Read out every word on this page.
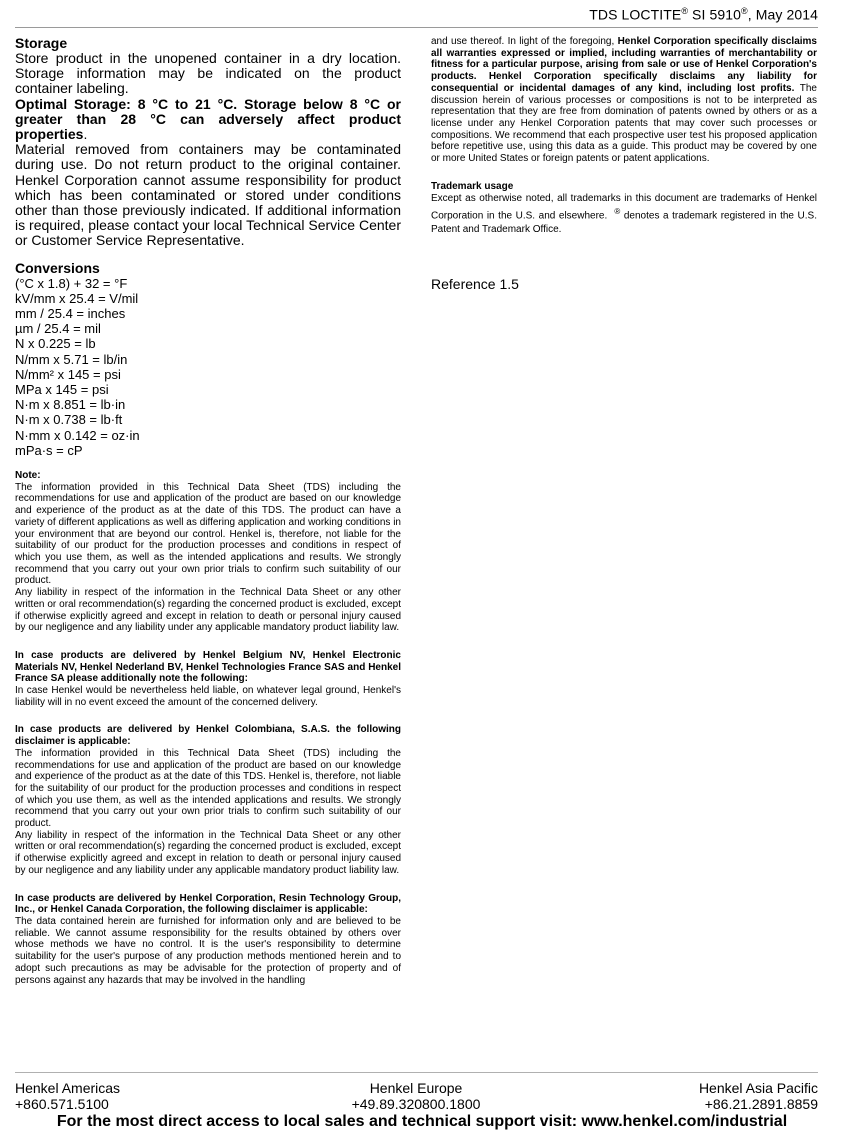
TDS LOCTITE® SI 5910®, May 2014

Storage

Store product in the unopened container in a dry location. Storage information may be indicated on the product container labeling.

Optimal Storage: 8 °C to 21 °C. Storage below 8 °C or greater than 28 °C can adversely affect product properties.

Material removed from containers may be contaminated during use. Do not return product to the original container. Henkel Corporation cannot assume responsibility for product which has been contaminated or stored under conditions other than those previously indicated. If additional information is required, please contact your local Technical Service Center or Customer Service Representative.

Conversions

(°C x 1.8) + 32 = °F

kV/mm x 25.4 = V/mil

mm / 25.4 = inches

µm / 25.4 = mil

N x 0.225 = lb

N/mm x 5.71 = lb/in

N/mm² x 145 = psi

MPa x 145 = psi

N·m x 8.851 = lb·in

N·m x 0.738 = lb·ft

N·mm x 0.142 = oz·in

mPa·s = cP

Note:

The information provided in this Technical Data Sheet (TDS) including the recommendations for use and application of the product are based on our knowledge and experience of the product as at the date of this TDS. The product can have a variety of different applications as well as differing application and working conditions in your environment that are beyond our control. Henkel is, therefore, not liable for the suitability of our product for the production processes and conditions in respect of which you use them, as well as the intended applications and results. We strongly recommend that you carry out your own prior trials to confirm such suitability of our product.

Any liability in respect of the information in the Technical Data Sheet or any other written or oral recommendation(s) regarding the concerned product is excluded, except if otherwise explicitly agreed and except in relation to death or personal injury caused by our negligence and any liability under any applicable mandatory product liability law.

In case products are delivered by Henkel Belgium NV, Henkel Electronic Materials NV, Henkel Nederland BV, Henkel Technologies France SAS and Henkel France SA please additionally note the following:

In case Henkel would be nevertheless held liable, on whatever legal ground, Henkel's liability will in no event exceed the amount of the concerned delivery.

In case products are delivered by Henkel Colombiana, S.A.S. the following disclaimer is applicable:

The information provided in this Technical Data Sheet (TDS) including the recommendations for use and application of the product are based on our knowledge and experience of the product as at the date of this TDS. Henkel is, therefore, not liable for the suitability of our product for the production processes and conditions in respect of which you use them, as well as the intended applications and results. We strongly recommend that you carry out your own prior trials to confirm such suitability of our product.

Any liability in respect of the information in the Technical Data Sheet or any other written or oral recommendation(s) regarding the concerned product is excluded, except if otherwise explicitly agreed and except in relation to death or personal injury caused by our negligence and any liability under any applicable mandatory product liability law.

In case products are delivered by Henkel Corporation, Resin Technology Group, Inc., or Henkel Canada Corporation, the following disclaimer is applicable:

The data contained herein are furnished for information only and are believed to be reliable. We cannot assume responsibility for the results obtained by others over whose methods we have no control. It is the user's responsibility to determine suitability for the user's purpose of any production methods mentioned herein and to adopt such precautions as may be advisable for the protection of property and of persons against any hazards that may be involved in the handling

and use thereof. In light of the foregoing, Henkel Corporation specifically disclaims all warranties expressed or implied, including warranties of merchantability or fitness for a particular purpose, arising from sale or use of Henkel Corporation's products. Henkel Corporation specifically disclaims any liability for consequential or incidental damages of any kind, including lost profits. The discussion herein of various processes or compositions is not to be interpreted as representation that they are free from domination of patents owned by others or as a license under any Henkel Corporation patents that may cover such processes or compositions. We recommend that each prospective user test his proposed application before repetitive use, using this data as a guide. This product may be covered by one or more United States or foreign patents or patent applications.

Trademark usage

Except as otherwise noted, all trademarks in this document are trademarks of Henkel Corporation in the U.S. and elsewhere. ® denotes a trademark registered in the U.S. Patent and Trademark Office.

Reference 1.5

Henkel Americas
+860.571.5100
Henkel Europe
+49.89.320800.1800
Henkel Asia Pacific
+86.21.2891.8859
For the most direct access to local sales and technical support visit: www.henkel.com/industrial
